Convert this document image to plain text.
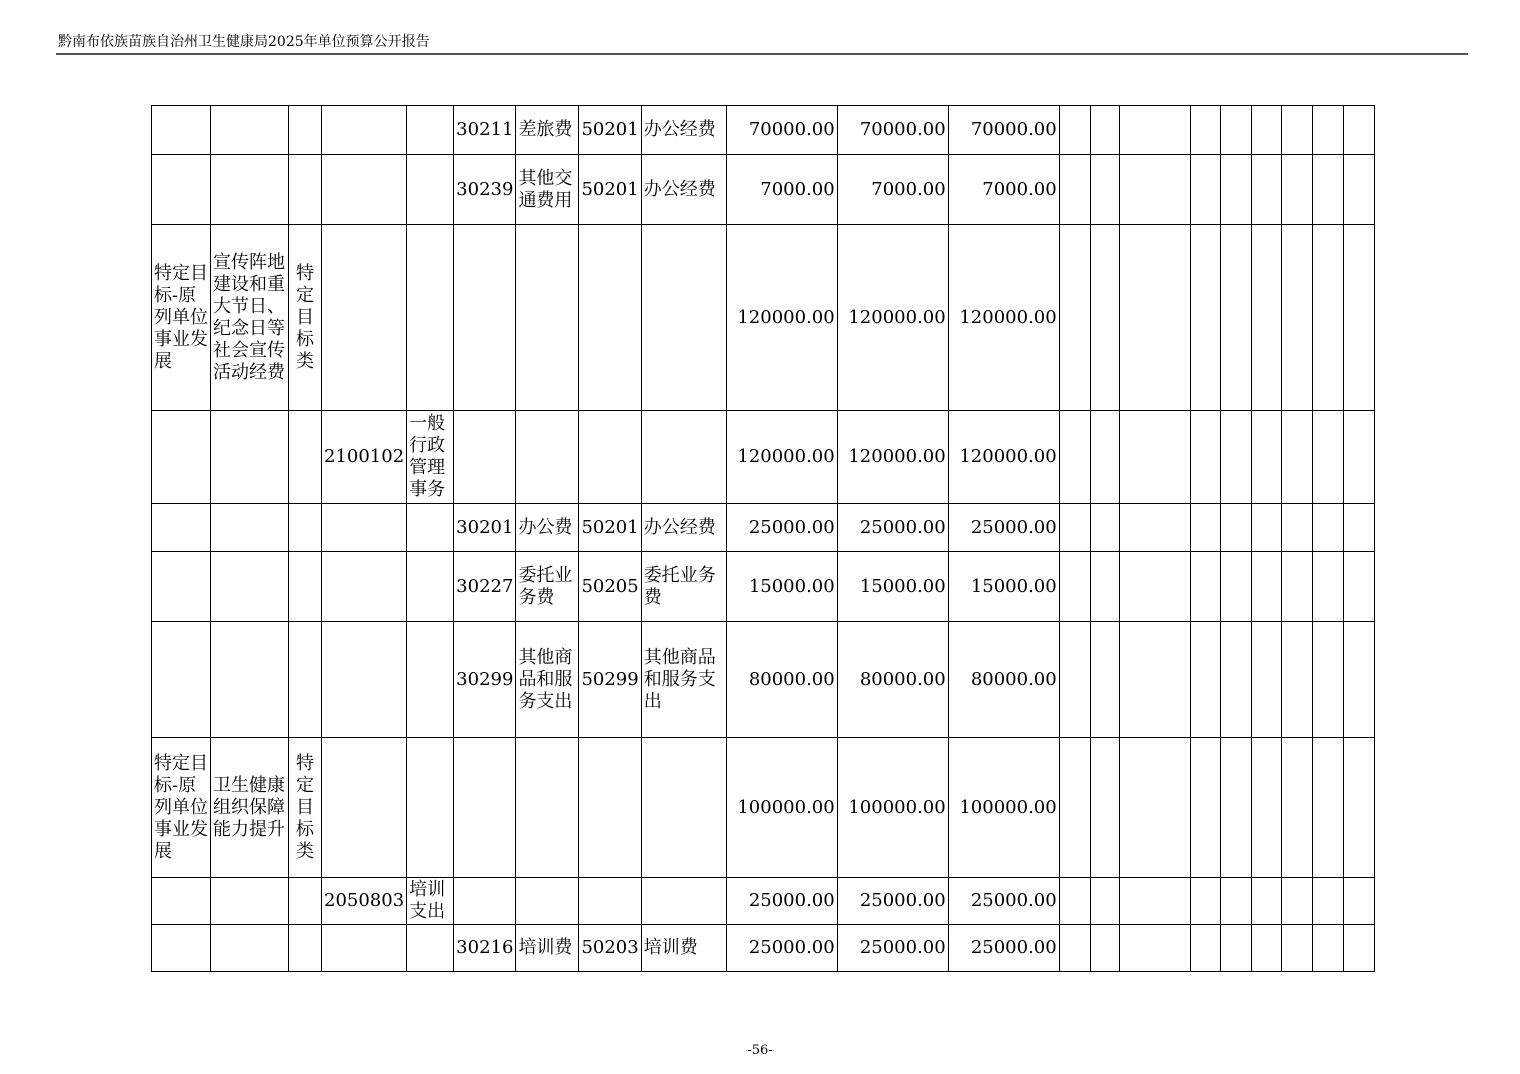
黔南布依族苗族自治州卫生健康局2025年单位预算公开报告
					30211	差旅费	50201	办公经费	70000.00	70000.00	70000.00									
					30239	其他交通费用	50201	办公经费	7000.00	7000.00	7000.00									
特定目标-原列单位事业发展	宣传阵地建设和重大节日、纪念日等社会宣传活动经费	特定目标类							120000.00	120000.00	120000.00									
			2100102	一般行政管理事务					120000.00	120000.00	120000.00									
					30201	办公费	50201	办公经费	25000.00	25000.00	25000.00									
					30227	委托业务费	50205	委托业务费	15000.00	15000.00	15000.00									
					30299	其他商品和服务支出	50299	其他商品和服务支出	80000.00	80000.00	80000.00									
特定目标-原列单位事业发展	卫生健康组织保障能力提升	特定目标类							100000.00	100000.00	100000.00									
			2050803	培训支出					25000.00	25000.00	25000.00									
					30216	培训费	50203	培训费	25000.00	25000.00	25000.00									
-56-
